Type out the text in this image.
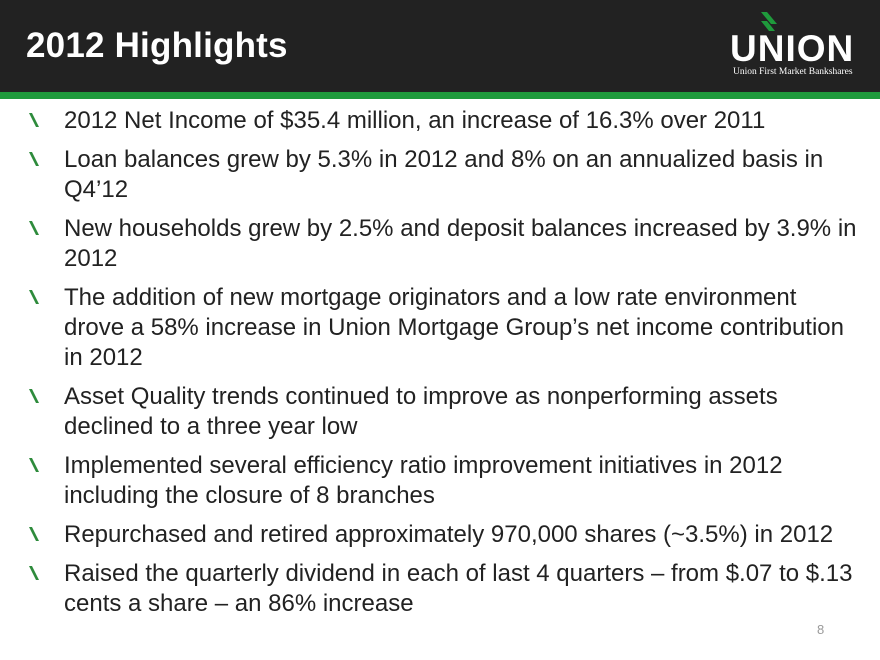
2012 Highlights	UNION
Union First Market Bankshares
2012 Net Income of $35.4 million, an increase of 16.3% over 2011
Loan balances grew by 5.3% in 2012 and 8% on an annualized basis in Q4’12
New households grew by 2.5% and deposit balances increased by 3.9% in 2012
The addition of new mortgage originators and a low rate environment drove a 58% increase in Union Mortgage Group’s net income contribution in 2012
Asset Quality trends continued to improve as nonperforming assets declined to a three year low
Implemented several efficiency ratio improvement initiatives in 2012 including the closure of 8 branches
Repurchased and retired approximately 970,000 shares (~3.5%) in 2012
Raised the quarterly dividend in each of last 4 quarters – from $.07 to $.13 cents a share – an 86% increase
8
